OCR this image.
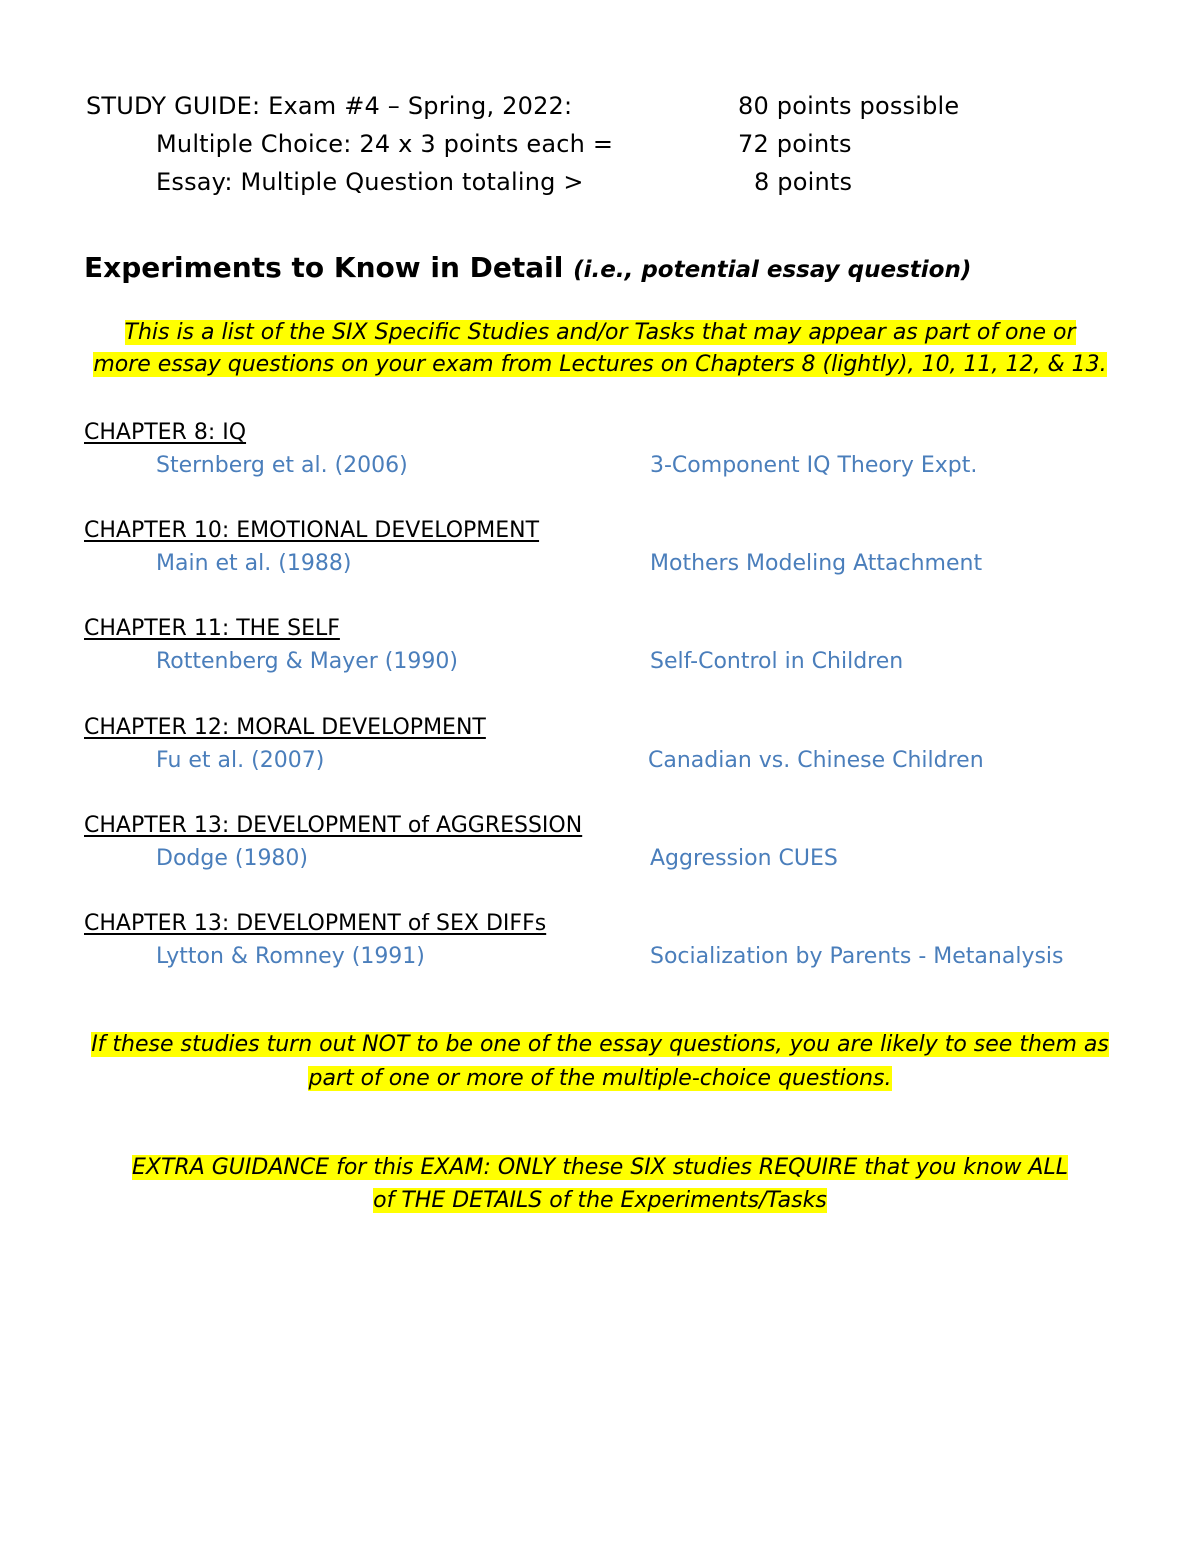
STUDY GUIDE: Exam #4 – Spring, 2022:	80 points possible
Multiple Choice: 24 x 3 points each =	72 points
Essay: Multiple Question totaling >	8 points
Experiments to Know in Detail (i.e., potential essay question)
This is a list of the SIX Specific Studies and/or Tasks that may appear as part of one or
more essay questions on your exam from Lectures on Chapters 8 (lightly), 10, 11, 12, & 13.
CHAPTER 8: IQ
Sternberg et al. (2006)	3-Component IQ Theory Expt.
CHAPTER 10: EMOTIONAL DEVELOPMENT
Main et al. (1988)	Mothers Modeling Attachment
CHAPTER 11: THE SELF
Rottenberg & Mayer (1990)	Self-Control in Children
CHAPTER 12: MORAL DEVELOPMENT
Fu et al. (2007)	Canadian vs. Chinese Children
CHAPTER 13: DEVELOPMENT of AGGRESSION
Dodge (1980)	Aggression CUES
CHAPTER 13: DEVELOPMENT of SEX DIFFs
Lytton & Romney (1991)	Socialization by Parents - Metanalysis
If these studies turn out NOT to be one of the essay questions, you are likely to see them as
part of one or more of the multiple-choice questions.
EXTRA GUIDANCE for this EXAM: ONLY these SIX studies REQUIRE that you know ALL
of THE DETAILS of the Experiments/Tasks
